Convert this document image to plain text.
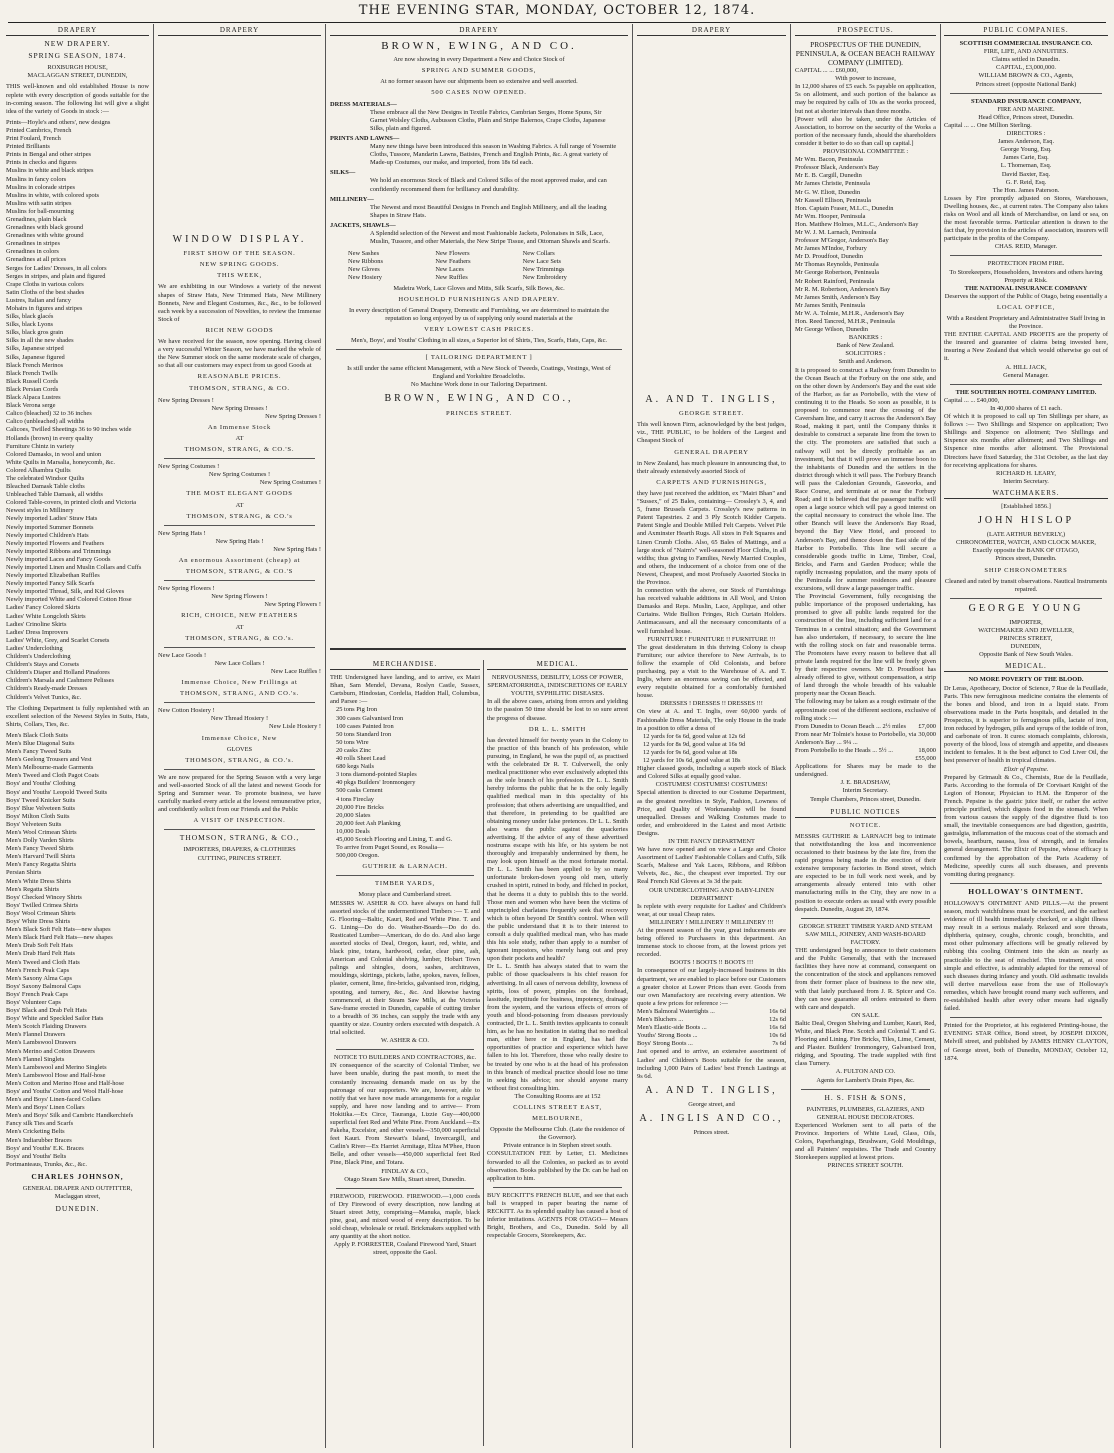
THE EVENING STAR, MONDAY, OCTOBER 12, 1874.
DRAPERY
NEW DRAPERY.
SPRING SEASON, 1874.
ROXBURGH HOUSE,
MACLAGGAN STREET, DUNEDIN,
THIS well-known and old established House is now replete with every description of goods suitable for the in-coming season. The following list will give a slight idea of the variety of Goods in stock :—
Prints—Hoyle's and others', new designs
Printed Cambrics, French
Print Foulard, French
Printed Brilliants
Prints in Bengal and other stripes
Prints in checks and figures
Muslins in white and black stripes
Muslins in fancy colors
Muslins in colorade stripes
Muslins in white, with colored spots
Muslins with satin stripes
Muslins for ball-mourning
Grenadines, plain black
Grenadines with black ground
Grenadines with white ground
Grenadines in stripes
Grenadines in colors
Grenadines at all prices
Serges for Ladies' Dresses, in all colors
Serges in stripes, and plain and figured
Crape Cloths in various colors
Satin Cloths of the best shades
Lustres, Italian and fancy
Mohairs in figures and stripes
Silks, black glacés
Silks, black Lyons
Silks, black gros grain
Silks in all the new shades
Silks, Japanese striped
Silks, Japanese figured
Black French Merinos
Black French Twills
Black Russell Cords
Black Persian Cords
Black Alpaca Lustres
Black Verona serge
Calico (bleached) 32 to 36 inches
Calico (unbleached) all widths
Calicoes, Twilled Sheetings 36 to 90 inches wide
Hollands (brown) in every quality
Furniture Chintz in variety
Colored Damasks, in wool and union
White Quilts in Marsalia, honeycomb, &c.
Colored Alhambra Quilts
The celebrated Windsor Quilts
Bleached Damask Table cloths
Unbleached Table Damask, all widths
Colored Table-covers, in printed cloth and Victoria
Newest styles in Millinery
Newly imported Ladies' Straw Hats
Newly imported Summer Bonnets
Newly imported Children's Hats
Newly imported Flowers and Feathers
Newly imported Ribbons and Trimmings
Newly imported Laces and Fancy Goods
Newly imported Linen and Muslin Collars and Cuffs
Newly imported Elizabethan Ruffles
Newly imported Fancy Silk Scarfs
Newly imported Thread, Silk, and Kid Gloves
Newly imported White and Colored Cotton Hose
Ladies' Fancy Colored Skirts
Ladies' White Longcloth Skirts
Ladies' Crinoline Skirts
Ladies' Dress Improvers
Ladies' White, Grey, and Scarlet Corsets
Ladies' Underclothing
Children's Underclothing
Children's Stays and Corsets
Children's Diaper and Holland Pinafores
Children's Marsala and Cashmere Pelisses
Children's Ready-made Dresses
Children's Velvet Tunics, &c.
The Clothing Department is fully replenished with an excellent selection of the Newest Styles in Suits, Hats, Shirts, Collars, Ties, &c.
Men's Black Cloth Suits
Men's Blue Diagonal Suits
Men's Fancy Tweed Suits
Men's Geelong Trousers and Vest
Men's Melbourne-made Garments
Men's Tweed and Cloth Pagot Coats
Boys' and Youths' Clothing
Boys' and Youths' Leopold Tweed Suits
Boys' Tweed Knicker Suits
Boys' Blue Velveteen Suits
Boys' Milton Cloth Suits
Boys' Velveteen Suits
Men's Wool Crimean Shirts
Men's Dolly Varden Shirts
Men's Fancy Tweed Shirts
Men's Harvard Twill Shirts
Men's Fancy Regatta Shirts
Persian Shirts
Men's White Dress Shirts
Men's Regatta Shirts
Boys' Checked Wincey Shirts
Boys' Twilled Crimea Shirts
Boys' Wool Crimean Shirts
Boys' White Dress Shirts
Men's Black Soft Felt Hats—new shapes
Men's Black Hard Felt Hats—new shapes
Men's Drab Soft Felt Hats
Men's Drab Hard Felt Hats
Men's Tweed and Cloth Hats
Men's French Peak Caps
Men's Saxony Alma Caps
Boys' Saxony Balmoral Caps
Boys' French Peak Caps
Boys' Volunteer Caps
Boys' Black and Drab Felt Hats
Boys' White and Speckled Sailor Hats
Men's Scotch Flaiding Drawers
Men's Flannel Drawers
Men's Lambswool Drawers
Men's Merino and Cotton Drawers
Men's Flannel Singlets
Men's Lambswool and Merino Singlets
Men's Lambswool Hose and Half-hose
Men's Cotton and Merino Hose and Half-hose
Boys' and Youths' Cotton and Wool Half-hose
Men's and Boys' Linen-faced Collars
Men's and Boys' Linen Collars
Men's and Boys' Silk and Cambric Handkerchiefs
Fancy silk Ties and Scarfs
Men's Cricketing Belts
Men's Indiarubber Braces
Boys' and Youths' E.K. Braces
Boys' and Youths' Belts
Portmanteaus, Trunks, &c., &c.
CHARLES JOHNSON,
GENERAL DRAPER AND OUTFITTER,
Maclaggan street,
DUNEDIN.
DRAPERY
WINDOW DISPLAY.
FIRST SHOW OF THE SEASON.
NEW SPRING GOODS.
THIS WEEK,
We are exhibiting in our Windows a variety of the newest shapes of Straw Hats, New Trimmed Hats, New Millinery Bonnets, New and Elegant Costumes, &c., &c., to be followed each week by a succession of Novelties, to review the Immense Stock of
RICH NEW GOODS
We have received for the season, now opening. Having closed a very successful Winter Season, we have marked the whole of the New Summer stock on the same moderate scale of charges, so that all our customers may expect from us good Goods at
REASONABLE PRICES.
THOMSON, STRANG, & CO.
New Spring Dresses !
New Spring Dresses !
New Spring Dresses !
An Immense Stock
AT
THOMSON, STRANG, & CO.'S.
New Spring Costumes !
New Spring Costumes !
New Spring Costumes !
THE MOST ELEGANT GOODS
AT
THOMSON, STRANG, & CO.'s
New Spring Hats !
New Spring Hats !
New Spring Hats !
An enormous Assortment (cheap) at
THOMSON, STRANG, & CO.'S
New Spring Flowers !
New Spring Flowers !
New Spring Flowers !
RICH, CHOICE, NEW FEATHERS
AT
THOMSON, STRANG, & CO.'s.
New Lace Goods !
New Lace Collars !
New Lace Ruffles !
Immense Choice, New Frillings at
THOMSON, STRANG, AND CO.'s.
New Cotton Hosiery !
New Thread Hosiery !
New Lisle Hosiery !
Immense Choice, New
GLOVES
THOMSON, STRANG, & CO.'s.
We are now prepared for the Spring Season with a very large and well-assorted Stock of all the latest and newest Goods for Spring and Summer wear. To promote business, we have carefully marked every article at the lowest remunerative price, and confidently solicit from our Friends and the Public
A VISIT OF INSPECTION.
THOMSON, STRANG, & CO.,
IMPORTERS, DRAPERS, & CLOTHIERS
CUTTING, PRINCES STREET.
DRAPERY
BROWN, EWING, AND CO.
Are now showing in every Department a New and Choice Stock of
SPRING AND SUMMER GOODS,
At no former season have our shipments been so extensive and well assorted.
500 CASES NOW OPENED.
DRESS MATERIALS—
These embrace all the New Designs in Textile Fabrics, Cambrian Serges, Home Spuns, Sir Garnet Wolsley Cloths, Aubusson Cloths, Plain and Stripe Balernos, Crape Cloths, Japanese Silks, plain and figured.
PRINTS AND LAWNS—
Many new things have been introduced this season in Washing Fabrics. A full range of Yosemite Cloths, Tussore, Mandarin Lawns, Batistes, French and English Prints, &c. A great variety of Made-up Costumes, our make, and imported, from 18s 6d each.
SILKS—
We hold an enormous Stock of Black and Colored Silks of the most approved make, and can confidently recommend them for brilliancy and durability.
MILLINERY—
The Newest and most Beautiful Designs in French and English Millinery, and all the leading Shapes in Straw Hats.
JACKETS, SHAWLS—
A Splendid selection of the Newest and most Fashionable Jackets, Polonaises in Silk, Lace, Muslin, Tussore, and other Materials, the New Stripe Tissue, and Ottoman Shawls and Scarfs.
New Sashes	New Flowers	New Collars
New Ribbons	New Feathers	New Lace Sets
New Gloves	New Laces	New Trimmings
New Hosiery	New Ruffles	New Embroidery
Madeira Work, Lace Gloves and Mitts, Silk Scarfs, Silk Bows, &c.
HOUSEHOLD FURNISHINGS AND DRAPERY.
In every description of General Drapery, Domestic and Furnishing, we are determined to maintain the reputation so long enjoyed by us of supplying only sound materials at the
VERY LOWEST CASH PRICES.
Men's, Boys', and Youths' Clothing in all sizes, a Superior lot of Shirts, Ties, Scarfs, Hats, Caps, &c.
[ TAILORING DEPARTMENT ]
Is still under the same efficient Management, with a New Stock of Tweeds, Coatings, Vestings, West of England and Yorkshire Broadcloths.
No Machine Work done in our Tailoring Department.
BROWN, EWING, AND CO.,
PRINCES STREET.
MERCHANDISE.
THE Undersigned have landing, and to arrive, ex Mairi Bhan, Sam Mendel, Devana, Roslyn Castle, Sussex, Cartsburn, Hindostan, Cordelia, Haddon Hall, Columbus, and Parsee :—
25 tons Pig Iron
300 cases Galvanised Iron
100 cases Painted Iron
50 tons Standard Iron
50 tons Wire
20 casks Zinc
40 rolls Sheet Lead
680 kegs Nails
3 tons diamond-pointed Staples
40 pkgs Builders' Ironmongery
500 casks Cement
4 tons Fireclay
20,000 Fire Bricks
20,000 Slates
20,000 feet Ash Planking
10,000 Deals
45,000 Scotch Flooring and Lining, T. and G.
To arrive from Puget Sound, ex Rosalia—
500,000 Oregon.
GUTHRIE & LARNACH.
TIMBER YARDS,
Moray place and Cumberland street.
MESSRS W. ASHER & CO. have always on hand full assorted stocks of the undermentioned Timbers :— T. and G. Flooring—Baltic, Kauri, Red and White Pine. T. and G. Lining—Do do do. Weather-Boards—Do do do. Rusticated Lumber—American, do do do. And also large assorted stocks of Deal, Oregon, kauri, red, white, and black pine, totara, hardwood, cedar, clear pine, ash, American and Colonial shelving, lumber, Hobart Town palings and shingles, doors, sashes, architraves, mouldings, skirtings, pickets, lathe, spokes, naves, felloes, plaster, cement, lime, fire-bricks, galvanised iron, ridging, spouting, and turnery, &c., &c. And likewise having commenced, at their Steam Saw Mills, at the Victoria Saw-frame erected in Dunedin, capable of cutting timber to a breadth of 36 inches, can supply the trade with any quantity or size. Country orders executed with despatch. A trial solicited.
W. ASHER & CO.
NOTICE TO BUILDERS AND CONTRACTORS, &c.
IN consequence of the scarcity of Colonial Timber, we have been unable, during the past month, to meet the constantly increasing demands made on us by the patronage of our supporters. We are, however, able to notify that we have now made arrangements for a regular supply, and have now landing and to arrive— From Hokitika.—Ex Circe, Tauranga, Lizzie Guy—400,000 superficial feet Red and White Pine. From Auckland.—Ex Pakeha, Excelsior, and other vessels—350,000 superficial feet Kauri. From Stewart's Island, Invercargill, and Catlin's River—Ex Harriet Armitage, Eliza M'Phee, Huon Belle, and other vessels—450,000 superficial feet Red Pine, Black Pine, and Totara.
FINDLAY & CO.,
Otago Steam Saw Mills, Stuart street, Dunedin.
FIREWOOD, FIREWOOD. FIREWOOD.—1,000 cords of Dry Firewood of every description, now landing at Stuart street Jetty, comprising—Manuka, maple, black pine, goai, and mixed wood of every description. To be sold cheap, wholesale or retail. Brickmakers supplied with any quantity at the short notice.
Apply P. FORRESTER, Coaland Firewood Yard, Stuart street, opposite the Gaol.
MEDICAL.
NERVOUSNESS, DEBILITY, LOSS OF POWER, SPERMATORRHŒA, INDISCRETIONS OF EARLY YOUTH, SYPHILITIC DISEASES.
In all the above cases, arising from errors and yielding to the passion 50 time should be lost to so sure arrest the progress of disease.
DR L. L. SMITH
has devoted himself for twenty years in the Colony to the practice of this branch of his profession, while pursuing, in England, he was the pupil of, as practised with the celebrated Dr R. T. Culverwell, the only medical practitioner who ever exclusively adopted this as the sole branch of his profession. Dr L. L. Smith hereby informs the public that he is the only legally qualified medical man in this speciality of his profession; that others advertising are unqualified, and that therefore, in pretending to be qualified are obtaining money under false pretences. Dr L. L. Smith also warns the public against the quackeries advertising. If the advice of any of these advertised nostrums escape with his life, or his system be not thoroughly and irreparably undermined by them, he may look upon himself as the most fortunate mortal. Dr L. L. Smith has been applied to by so many unfortunate broken-down young old men, utterly crushed in spirit, ruined in body, and filched in pocket, that he deems it a duty to publish this to the world. Those men and women who have been the victims of unprincipled charlatans frequently seek that recovery which is often beyond Dr Smith's control. When will the public understand that it is to their interest to consult a duly qualified medical man, who has made this his sole study, rather than apply to a number of ignorant impostors, who merely hang out and prey upon their pockets and health?
Dr L. L. Smith has always stated that to warn the public of those quacksalvers is his chief reason for advertising. In all cases of nervous debility, lowness of spirits, loss of power, pimples on the forehead, lassitude, ineptitude for business, impotency, drainage from the system, and the various effects of errors of youth and blood-poisoning from diseases previously contracted, Dr L. L. Smith invites applicants to consult him, as he has no hesitation in stating that no medical man, either here or in England, has had the opportunities of practice and experience which have fallen to his lot. Therefore, those who really desire to be treated by one who is at the head of his profession in this branch of medical practice should lose no time in seeking his advice; nor should anyone marry without first consulting him.
The Consulting Rooms are at 152
COLLINS STREET EAST,
MELBOURNE,
Opposite the Melbourne Club. (Late the residence of the Governor).
Private entrance is in Stephen street south.
CONSULTATION FEE by Letter, £1. Medicines forwarded to all the Colonies, so packed as to avoid observation. Books published by the Dr. can be had on application to him.
BUY RECKITT'S FRENCH BLUE, and see that each ball is wrapped in paper bearing the name of RECKITT. As its splendid quality has caused a host of inferior imitations. AGENTS FOR OTAGO— Messrs Bright, Brothers, and Co., Dunedin. Sold by all respectable Grocers, Storekeepers, &c.
DRAPERY
A. AND T. INGLIS,
GEORGE STREET.
This well known Firm, acknowledged by the best judges, viz., THE PUBLIC, to be holders of the Largest and Cheapest Stock of
GENERAL DRAPERY
in New Zealand, has much pleasure in announcing that, to their already extensively assorted Stock of
CARPETS AND FURNISHINGS,
they have just received the addition, ex "Mairi Bhan" and "Sussex," of 25 Bales, containing— Crossley's 3, 4, and 5, frame Brussels Carpets. Crossley's new patterns in Patent Tapestries. 2 and 3 Ply Scotch Kidder Carpets. Patent Single and Double Milled Felt Carpets. Velvet Pile and Axminster Hearth Rugs. All sizes in Felt Squares and Linen Crumb Cloths. Also, 65 Bales of Mattings, and a large stock of "Nairn's" well-seasoned Floor Cloths, in all widths; thus giving to Families, Newly Married Couples, and others, the inducement of a choice from one of the Newest, Cheapest, and most Profusely Assorted Stocks in the Province.
In connection with the above, our Stock of Furnishings has received valuable additions in All Wool, and Union Damasks and Reps. Muslin, Lace, Applique, and other Curtains. Wide Bullion Fringes, Rich Curtain Holders. Antimacassars, and all the necessary concomitants of a well furnished house.
FURNITURE ! FURNITURE !! FURNITURE !!!
The great desideratum in this thriving Colony is cheap Furniture; our advice therefore to New Arrivals, is to follow the example of Old Colonists, and before purchasing, pay a visit to the Warehouse of A. and T. Inglis, where an enormous saving can be effected, and every requisite obtained for a comfortably furnished house.
DRESSES ! DRESSES !! DRESSES !!!
On view at A. and T. Inglis, over 60,000 yards of Fashionable Dress Materials, The only House in the trade in a position to offer a dress of
12 yards for 6s 6d, good value at 12s 6d
12 yards for 8s 9d, good value at 16s 9d
12 yards for 9s 6d, good value at 18s
12 yards for 10s 6d, good value at 18s
Higher classed goods, including a superb stock of Black and Colored Silks at equally good value.
COSTUMES! COSTUMES! COSTUMES!
Special attention is directed to our Costume Department, as the greatest novelties in Style, Fashion, Lowness of Price, and Quality of Workmanship will be found unequalled. Dresses and Walking Costumes made to order, and embroidered in the Latest and most Artistic Designs.
IN THE FANCY DEPARTMENT
We have now opened and on view a Large and Choice Assortment of Ladies' Fashionable Collars and Cuffs, Silk Scarfs, Maltese and Yak Laces, Ribbons, and Ribbon Velvets, &c., &c., the cheapest ever imported. Try our Real French Kid Gloves at 3s 3d the pair.
OUR UNDERCLOTHING AND BABY-LINEN DEPARTMENT
Is replete with every requisite for Ladies' and Children's wear, at our usual Cheap rates.
MILLINERY ! MILLINERY !! MILLINERY !!!
At the present season of the year, great inducements are being offered to Purchasers in this department. An immense stock to choose from, at the lowest prices yet recorded.
BOOTS ! BOOTS !! BOOTS !!!
In consequence of our largely-increased business in this department, we are enabled to place before our Customers a greater choice at Lower Prices than ever. Goods from our own Manufactory are receiving every attention. We quote a few prices for reference :—
Men's Balmoral Watertights ...	16s 6d
Men's Bluchers ...	12s 6d
Men's Elastic-side Boots ...	16s 6d
Youths' Strong Boots ...	10s 6d
Boys' Strong Boots ...	7s 6d
Just opened and to arrive, an extensive assortment of Ladies' and Children's Boots suitable for the season, including 1,000 Pairs of Ladies' best French Lastings at 9s 6d.
A. AND T. INGLIS,
George street, and
A. INGLIS AND CO.,
Princes street.
PROSPECTUS.
PROSPECTUS OF THE DUNEDIN, PENINSULA, & OCEAN BEACH RAILWAY COMPANY (LIMITED).
CAPITAL ... ... £60,000,
With power to increase,
In 12,000 shares of £5 each. 5s payable on application, 5s on allotment, and such portion of the balance as may be required by calls of 10s as the works proceed, but not at shorter intervals than three months.
[Power will also be taken, under the Articles of Association, to borrow on the security of the Works a portion of the necessary funds, should the shareholders consider it better to do so than call up capital.]
PROVISIONAL COMMITTEE :
Mr Wm. Bacon, Peninsula
Professor Black, Anderson's Bay
Mr E. B. Cargill, Dunedin
Mr James Christie, Peninsula
Mr G. W. Eliott, Dunedin
Mr Kassell Ellison, Peninsula
Hon. Captain Fraser, M.L.C., Dunedin
Mr Wm. Hooper, Peninsula
Hon. Matthew Holmes, M.L.C., Anderson's Bay
Mr W. J. M. Larnach, Peninsula
Professor M'Gregor, Anderson's Bay
Mr James M'Indoe, Forbury
Mr D. Proudfoot, Dunedin
Mr Thomas Reynolds, Peninsula
Mr George Robertson, Peninsula
Mr Robert Rainford, Peninsula
Mr R. M. Robertson, Anderson's Bay
Mr James Smith, Anderson's Bay
Mr James Smith, Peninsula
Mr W. A. Tolmie, M.H.R., Anderson's Bay
Hon. Reed Tancred, M.H.R., Peninsula
Mr George Wilson, Dunedin
BANKERS :
Bank of New Zealand.
SOLICITORS :
Smith and Anderson.
It is proposed to construct a Railway from Dunedin to the Ocean Beach at the Forbury on the one side, and on the other down by Anderson's Bay and the east side of the Harbor, as far as Portobello, with the view of continuing it to the Heads. So soon as possible, it is proposed to commence near the crossing of the Caversham line, and carry it across the Anderson's Bay Road, making it part, until the Company thinks it desirable to construct a separate line from the town to the city. The promoters are satisfied that such a railway will not be directly profitable as an investment, but that it will prove an immense boon to the inhabitants of Dunedin and the settlers in the district through which it will pass. The Forbury Branch will pass the Caledonian Grounds, Gasworks, and Race Course, and terminate at or near the Forbury Road; and it is believed that the passenger traffic will open a large source which will pay a good interest on the capital necessary to construct the whole line. The other Branch will leave the Anderson's Bay Road, beyond the Bay View Hotel, and proceed to Anderson's Bay, and thence down the East side of the Harbor to Portobello. This line will secure a considerable goods traffic in Lime, Timber, Coal, Bricks, and Farm and Garden Produce; while the rapidly increasing population, and the many spots of the Peninsula for summer residences and pleasure excursions, will draw a large passenger traffic.
The Provincial Government, fully recognising the public importance of the proposed undertaking, has promised to give all public lands required for the construction of the line, including sufficient land for a Terminus in a central situation; and the Government has also undertaken, if necessary, to secure the line with the rolling stock on fair and reasonable terms. The Promoters have every reason to believe that all private lands required for the line will be freely given by their respective owners. Mr D. Proudfoot has already offered to give, without compensation, a strip of land through the whole breadth of his valuable property near the Ocean Beach.
The following may be taken as a rough estimate of the approximate cost of the different sections, exclusive of rolling stock :—
From Dunedin to Ocean Beach ... 2½ miles £7,000
From near Mr Tolmie's house to Portobello, via Anderson's Bay ... 9¼ ...
30,000
From Portobello to the Heads ... 5½ ...	18,000
£55,000
Applications for Shares may be made to the undersigned.
J. E. BRADSHAW,
Interim Secretary.
Temple Chambers, Princes street, Dunedin.
PUBLIC NOTICES
NOTICE.
MESSRS GUTHRIE & LARNACH beg to intimate that notwithstanding the loss and inconvenience occasioned to their business by the late fire, from the rapid progress being made in the erection of their extensive temporary factories in Bond street, which are expected to be in full work next week, and by arrangements already entered into with other manufacturing mills in the City, they are now in a position to execute orders as usual with every possible despatch. Dunedin, August 29, 1874.
GEORGE STREET TIMBER YARD AND STEAM SAW MILL, JOINERY, AND WASH-BOARD FACTORY.
THE undersigned beg to announce to their customers and the Public Generally, that with the increased facilities they have now at command, consequent on the concentration of the stock and appliances removed from their former place of business to the new site, with that lately purchased from J. R. Spicer and Co. they can now guarantee all orders entrusted to them with care and despatch.
ON SALE.
Baltic Deal, Oregon Shelving and Lumber, Kauri, Red, White, and Black Pine. Scotch and Colonial T. and G. Flooring and Lining. Fire Bricks, Tiles, Lime, Cement, and Plaster. Builders' Ironmongery, Galvanised Iron, ridging, and Spouting. The trade supplied with first class Turnery.
A. FULTON AND CO.
Agents for Lambert's Drain Pipes, &c.
H. S. FISH & SONS,
PAINTERS, PLUMBERS, GLAZIERS, AND GENERAL HOUSE DECORATORS.
Experienced Workmen sent to all parts of the Province. Importers of White Lead, Glass, Oils, Colors, Paperhangings, Brushware, Gold Mouldings, and all Painters' requisites. The Trade and Country Storekeepers supplied at lowest prices.
PRINCES STREET SOUTH.
PUBLIC COMPANIES.
SCOTTISH COMMERCIAL INSURANCE CO.
FIRE, LIFE, AND ANNUITIES.
Claims settled in Dunedin.
CAPITAL, £3,000,000.
WILLIAM BROWN & CO., Agents,
Princes street (opposite National Bank)
STANDARD INSURANCE COMPANY,
FIRE AND MARINE.
Head Office, Princes street, Dunedin.
Capital ... ... One Million Sterling.
DIRECTORS :
James Anderson, Esq.
George Young, Esq.
James Carie, Esq.
L. Thomeman, Esq.
David Baxter, Esq.
G. F. Reid, Esq.
The Hon. James Paterson.
Losses by Fire promptly adjusted on Stores, Warehouses, Dwelling houses, &c., at current rates. The Company also takes risks on Wool and all kinds of Merchandise, on land or sea, on the most favorable terms. Particular attention is drawn to the fact that, by provision in the articles of association, insurers will participate in the profits of the Company.
CHAS. REID, Manager.
PROTECTION FROM FIRE.
To Storekeepers, Householders, Investors and others having Property at Risk.
THE NATIONAL INSURANCE COMPANY
Deserves the support of the Public of Otago, being essentially a
LOCAL OFFICE,
With a Resident Proprietary and Administrative Staff living in the Province.
THE ENTIRE CAPITAL AND PROFITS are the property of the insured and guarantee of claims being invested here, insuring a New Zealand that which would otherwise go out of it.
A. HILL JACK,
General Manager.
THE SOUTHERN HOTEL COMPANY LIMITED.
Capital ... ... £40,000,
In 40,000 shares of £1 each.
Of which it is proposed to call up Ten Shillings per share, as follows :— Two Shillings and Sixpence on application; Two Shillings and Sixpence on allotment; Two Shillings and Sixpence six months after allotment; and Two Shillings and Sixpence nine months after allotment. The Provisional Directors have fixed Saturday, the 31st October, as the last day for receiving applications for shares.
RICHARD H. LEARY,
Interim Secretary.
WATCHMAKERS.
[Established 1856.]
JOHN HISLOP
(LATE ARTHUR BEVERLY,)
CHRONOMETER, WATCH, AND CLOCK MAKER,
Exactly opposite the BANK OF OTAGO,
Princes street, Dunedin.
SHIP CHRONOMETERS
Cleaned and rated by transit observations. Nautical Instruments repaired.
GEORGE YOUNG
IMPORTER,
WATCHMAKER AND JEWELLER,
PRINCES STREET,
DUNEDIN,
Opposite Bank of New South Wales.
MEDICAL.
NO MORE POVERTY OF THE BLOOD.
Dr Leras, Apothecary, Doctor of Science, 7 Rue de la Feuillade, Paris. This new ferruginous medicine contains the elements of the bones and blood, and iron in a liquid state. From observations made in the Paris hospitals, and detailed in the Prospectus, it is superior to ferruginous pills, lactate of iron, iron reduced by hydrogen, pills and syrups of the iodide of iron, and carbonate of iron. It cures: stomach complaints, chlorosis, poverty of the blood, loss of strength and appetite, and diseases incident to females. It is the best adjunct to Cod Liver Oil, the best preserver of health in tropical climates.
Elixir of Pepsine.
Prepared by Grimault & Co., Chemists, Rue de la Feuillade, Paris. According to the formula of Dr Corvisart Knight of the Legion of Honour, Physician to H.M. the Emperor of the French. Pepsine is the gastric juice itself, or rather the active principle purified, which digests food in the stomach. When from various causes the supply of the digestive fluid is too small, the inevitable consequences are bad digestion, gastritis, gastralgia, inflammation of the mucous coat of the stomach and bowels, heartburn, nausea, loss of strength, and in females general derangement. The Elixir of Pepsine, whose efficacy is confirmed by the approbation of the Paris Academy of Medicine, speedily cures all such diseases, and prevents vomiting during pregnancy.
HOLLOWAY'S OINTMENT.
HOLLOWAY'S OINTMENT AND PILLS.—At the present season, much watchfulness must be exercised, and the earliest evidence of ill health immediately checked, or a slight illness may result in a serious malady. Relaxed and sore throats, diphtheria, quinsey, coughs, chronic cough, bronchitis, and most other pulmonary affections will be greatly relieved by rubbing this cooling Ointment into the skin as nearly as practicable to the seat of mischief. This treatment, at once simple and effective, is admirably adapted for the removal of such diseases during infancy and youth. Old asthmatic invalids will derive marvellous ease from the use of Holloway's remedies, which have brought round many such sufferers, and re-established health after every other means had signally failed.
Printed for the Proprietor, at his registered Printing-house, the EVENING STAR Office, Bond street, by JOSEPH DIXON, Melvill street, and published by JAMES HENRY CLAYTON, of George street, both of Dunedin, MONDAY, October 12, 1874.
